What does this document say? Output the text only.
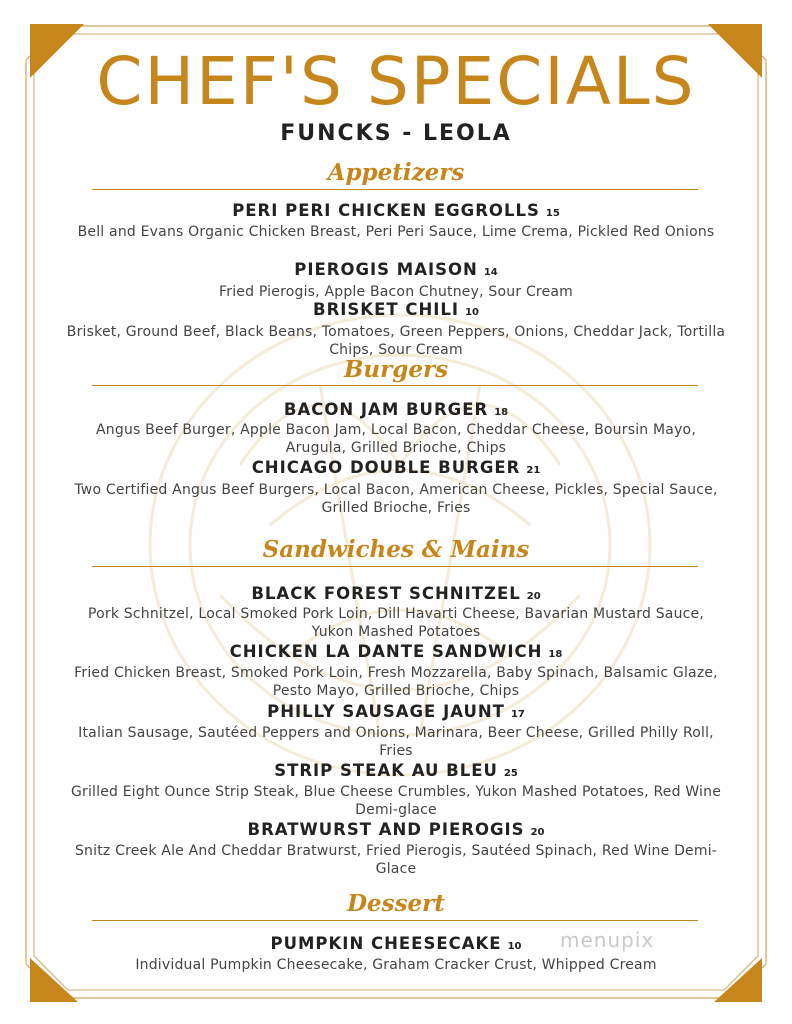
CHEF'S SPECIALS
FUNCKS - LEOLA
Appetizers
PERI PERI CHICKEN EGGROLLS 15
Bell and Evans Organic Chicken Breast, Peri Peri Sauce, Lime Crema, Pickled Red Onions
PIEROGIS MAISON 14
Fried Pierogis, Apple Bacon Chutney, Sour Cream
BRISKET CHILI 10
Brisket, Ground Beef, Black Beans, Tomatoes, Green Peppers, Onions, Cheddar Jack, Tortilla Chips, Sour Cream
Burgers
BACON JAM BURGER 18
Angus Beef Burger, Apple Bacon Jam, Local Bacon, Cheddar Cheese, Boursin Mayo, Arugula, Grilled Brioche, Chips
CHICAGO DOUBLE BURGER 21
Two Certified Angus Beef Burgers, Local Bacon, American Cheese, Pickles, Special Sauce, Grilled Brioche, Fries
Sandwiches & Mains
BLACK FOREST SCHNITZEL 20
Pork Schnitzel, Local Smoked Pork Loin, Dill Havarti Cheese, Bavarian Mustard Sauce, Yukon Mashed Potatoes
CHICKEN LA DANTE SANDWICH 18
Fried Chicken Breast, Smoked Pork Loin, Fresh Mozzarella, Baby Spinach, Balsamic Glaze, Pesto Mayo, Grilled Brioche, Chips
PHILLY SAUSAGE JAUNT 17
Italian Sausage, Sautéed Peppers and Onions, Marinara, Beer Cheese, Grilled Philly Roll, Fries
STRIP STEAK AU BLEU 25
Grilled Eight Ounce Strip Steak, Blue Cheese Crumbles, Yukon Mashed Potatoes, Red Wine Demi-glace
BRATWURST AND PIEROGIS 20
Snitz Creek Ale And Cheddar Bratwurst, Fried Pierogis, Sautéed Spinach, Red Wine Demi-Glace
Dessert
PUMPKIN CHEESECAKE 10
Individual Pumpkin Cheesecake, Graham Cracker Crust, Whipped Cream
menupix
